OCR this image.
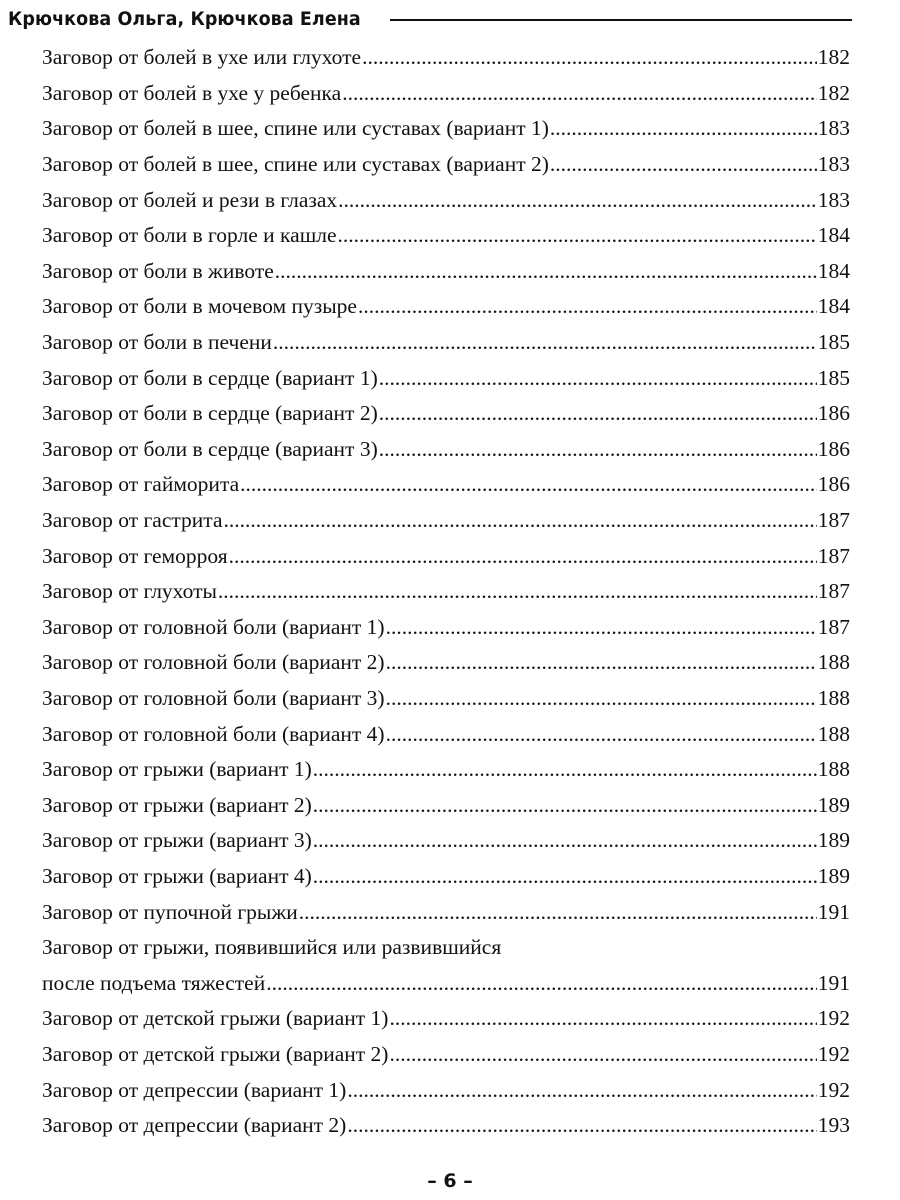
Крючкова Ольга, Крючкова Елена
Заговор от болей в ухе или глухоте .....	182
Заговор от болей в ухе у ребенка .....	182
Заговор от болей в шее, спине или суставах (вариант 1) .....	183
Заговор от болей в шее, спине или суставах (вариант 2) .....	183
Заговор от болей и рези в глазах .....	183
Заговор от боли в горле и кашле .....	184
Заговор от боли в животе .....	184
Заговор от боли в мочевом пузыре .....	184
Заговор от боли в печени .....	185
Заговор от боли в сердце (вариант 1) .....	185
Заговор от боли в сердце (вариант 2) .....	186
Заговор от боли в сердце (вариант 3) .....	186
Заговор от гайморита .....	186
Заговор от гастрита .....	187
Заговор от геморроя .....	187
Заговор от глухоты .....	187
Заговор от головной боли (вариант 1) .....	187
Заговор от головной боли (вариант 2) .....	188
Заговор от головной боли (вариант 3) .....	188
Заговор от головной боли (вариант 4) .....	188
Заговор от грыжи (вариант 1) .....	188
Заговор от грыжи (вариант 2) .....	189
Заговор от грыжи (вариант 3) .....	189
Заговор от грыжи (вариант 4) .....	189
Заговор от пупочной грыжи .....	191
Заговор от грыжи, появившийся или развившийся
после подъема тяжестей .....	191
Заговор от детской грыжи (вариант 1) .....	192
Заговор от детской грыжи (вариант 2) .....	192
Заговор от депрессии (вариант 1) .....	192
Заговор от депрессии (вариант 2) .....	193
– 6 –
